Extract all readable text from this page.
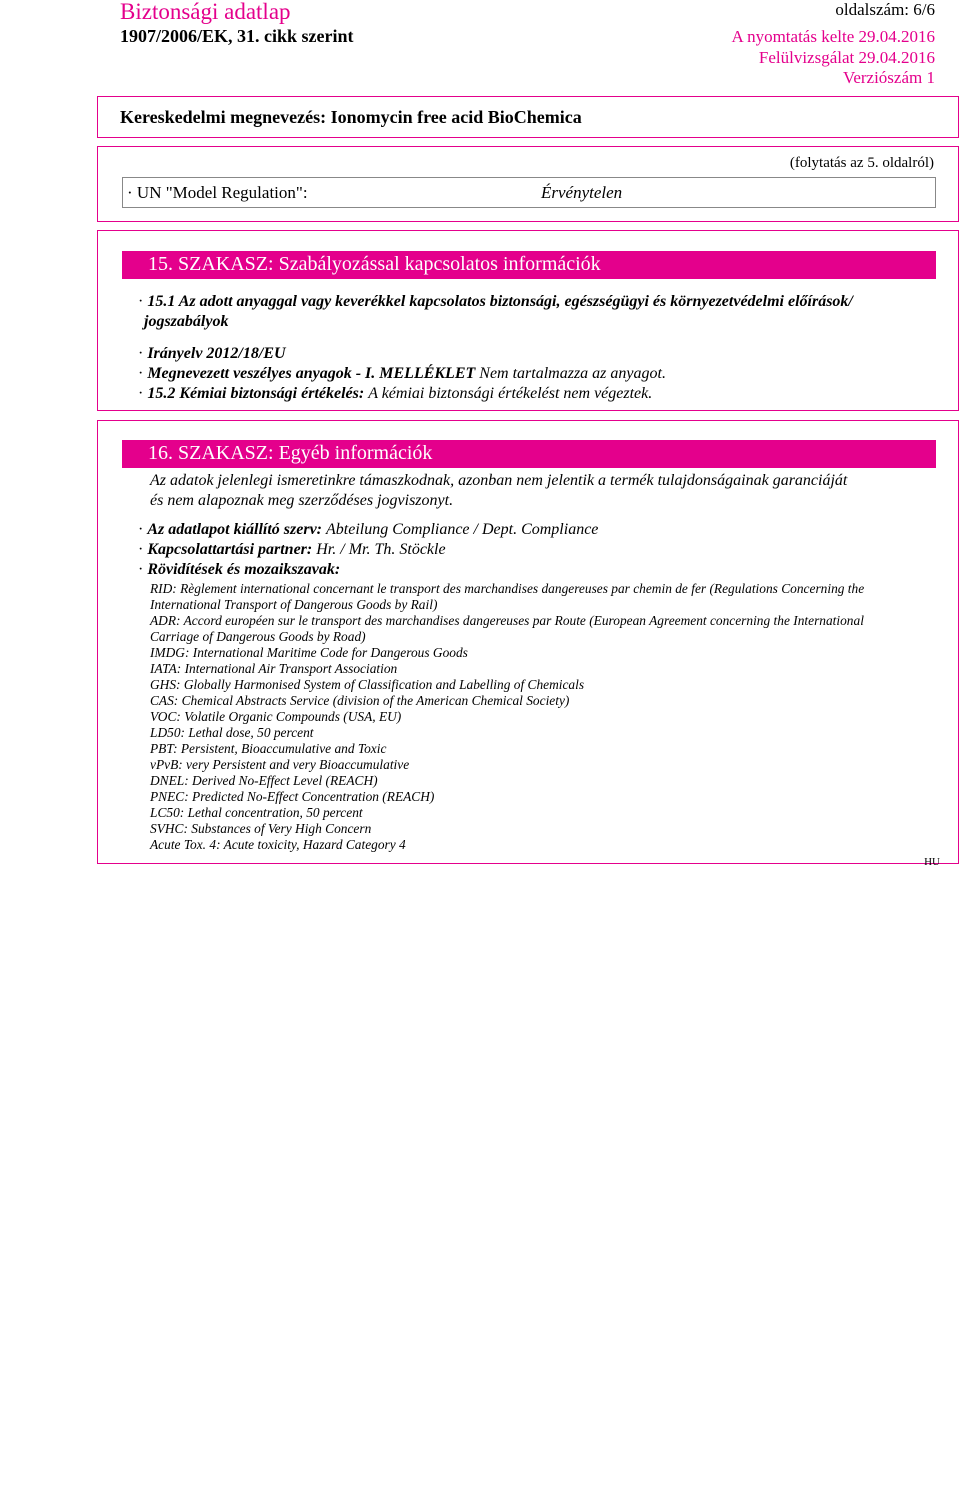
Biztonsági adatlap
1907/2006/EK, 31. cikk szerint
oldalszám: 6/6
A nyomtatás kelte 29.04.2016
Felülvizsgálat 29.04.2016
Verziószám 1
Kereskedelmi megnevezés: Ionomycin free acid BioChemica
(folytatás az 5. oldalról)
· UN "Model Regulation":	Érvénytelen
15. SZAKASZ: Szabályozással kapcsolatos információk
· 15.1 Az adott anyaggal vagy keverékkel kapcsolatos biztonsági, egészségügyi és környezetvédelmi előírások/
jogszabályok
· Irányelv 2012/18/EU
· Megnevezett veszélyes anyagok - I. MELLÉKLET Nem tartalmazza az anyagot.
· 15.2 Kémiai biztonsági értékelés: A kémiai biztonsági értékelést nem végeztek.
16. SZAKASZ: Egyéb információk
Az adatok jelenlegi ismeretinkre támaszkodnak, azonban nem jelentik a termék tulajdonságainak garanciáját
és nem alapoznak meg szerződéses jogviszonyt.
· Az adatlapot kiállító szerv: Abteilung Compliance / Dept. Compliance
· Kapcsolattartási partner: Hr. / Mr. Th. Stöckle
· Rövidítések és mozaikszavak:
RID: Règlement international concernant le transport des marchandises dangereuses par chemin de fer (Regulations Concerning the
International Transport of Dangerous Goods by Rail)
ADR: Accord européen sur le transport des marchandises dangereuses par Route (European Agreement concerning the International
Carriage of Dangerous Goods by Road)
IMDG: International Maritime Code for Dangerous Goods
IATA: International Air Transport Association
GHS: Globally Harmonised System of Classification and Labelling of Chemicals
CAS: Chemical Abstracts Service (division of the American Chemical Society)
VOC: Volatile Organic Compounds (USA, EU)
LD50: Lethal dose, 50 percent
PBT: Persistent, Bioaccumulative and Toxic
vPvB: very Persistent and very Bioaccumulative
DNEL: Derived No-Effect Level (REACH)
PNEC: Predicted No-Effect Concentration (REACH)
LC50: Lethal concentration, 50 percent
SVHC: Substances of Very High Concern
Acute Tox. 4: Acute toxicity, Hazard Category 4
HU
